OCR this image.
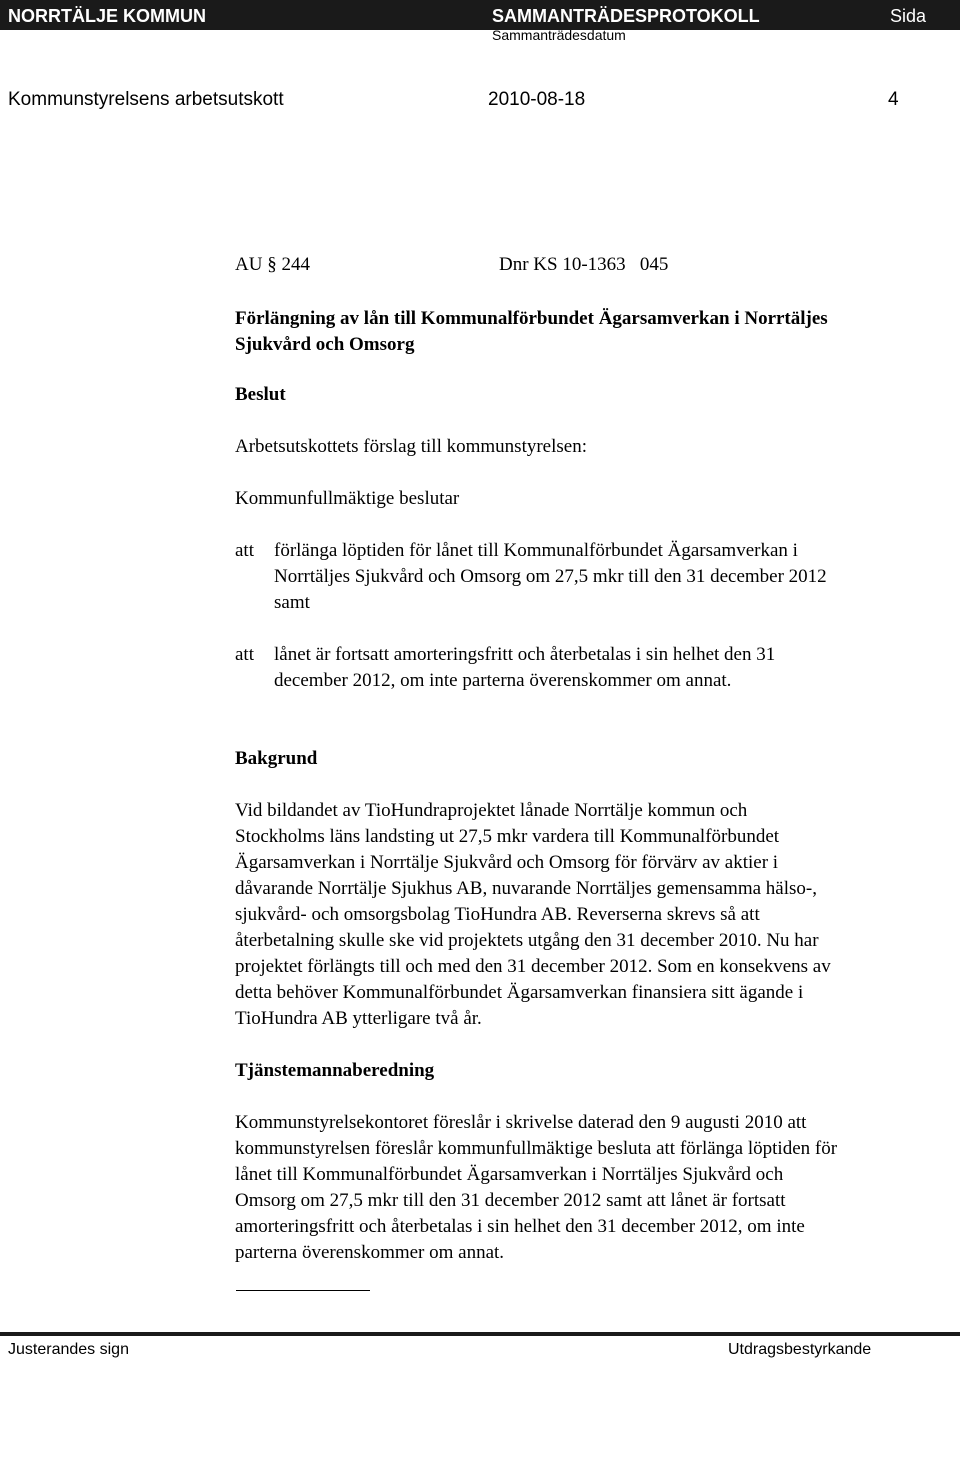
NORRTÄLJE KOMMUN	SAMMANTRÄDESPROTOKOLL
Sammanträdesdatum
Sida
Kommunstyrelsens arbetsutskott	2010-08-18	4
AU § 244	Dnr KS 10-1363   045
Förlängning av lån till Kommunalförbundet Ägarsamverkan i Norrtäljes
Sjukvård och Omsorg
Beslut
Arbetsutskottets förslag till kommunstyrelsen:
Kommunfullmäktige beslutar
att förlänga löptiden för lånet till Kommunalförbundet Ägarsamverkan i
Norrtäljes Sjukvård och Omsorg om 27,5 mkr till den 31 december 2012
samt
att lånet är fortsatt amorteringsfritt och återbetalas i sin helhet den 31
december 2012, om inte parterna överenskommer om annat.
Bakgrund
Vid bildandet av TioHundraprojektet lånade Norrtälje kommun och
Stockholms läns landsting ut 27,5 mkr vardera till Kommunalförbundet
Ägarsamverkan i Norrtälje Sjukvård och Omsorg för förvärv av aktier i
dåvarande Norrtälje Sjukhus AB, nuvarande Norrtäljes gemensamma hälso-,
sjukvård- och omsorgsbolag TioHundra AB. Reverserna skrevs så att
återbetalning skulle ske vid projektets utgång den 31 december 2010. Nu har
projektet förlängts till och med den 31 december 2012. Som en konsekvens av
detta behöver Kommunalförbundet Ägarsamverkan finansiera sitt ägande i
TioHundra AB ytterligare två år.
Tjänstemannaberedning
Kommunstyrelsekontoret föreslår i skrivelse daterad den 9 augusti 2010 att
kommunstyrelsen föreslår kommunfullmäktige besluta att förlänga löptiden för
lånet till Kommunalförbundet Ägarsamverkan i Norrtäljes Sjukvård och
Omsorg om 27,5 mkr till den 31 december 2012 samt att lånet är fortsatt
amorteringsfritt och återbetalas i sin helhet den 31 december 2012, om inte
parterna överenskommer om annat.
Justerandes sign	Utdragsbestyrkande
